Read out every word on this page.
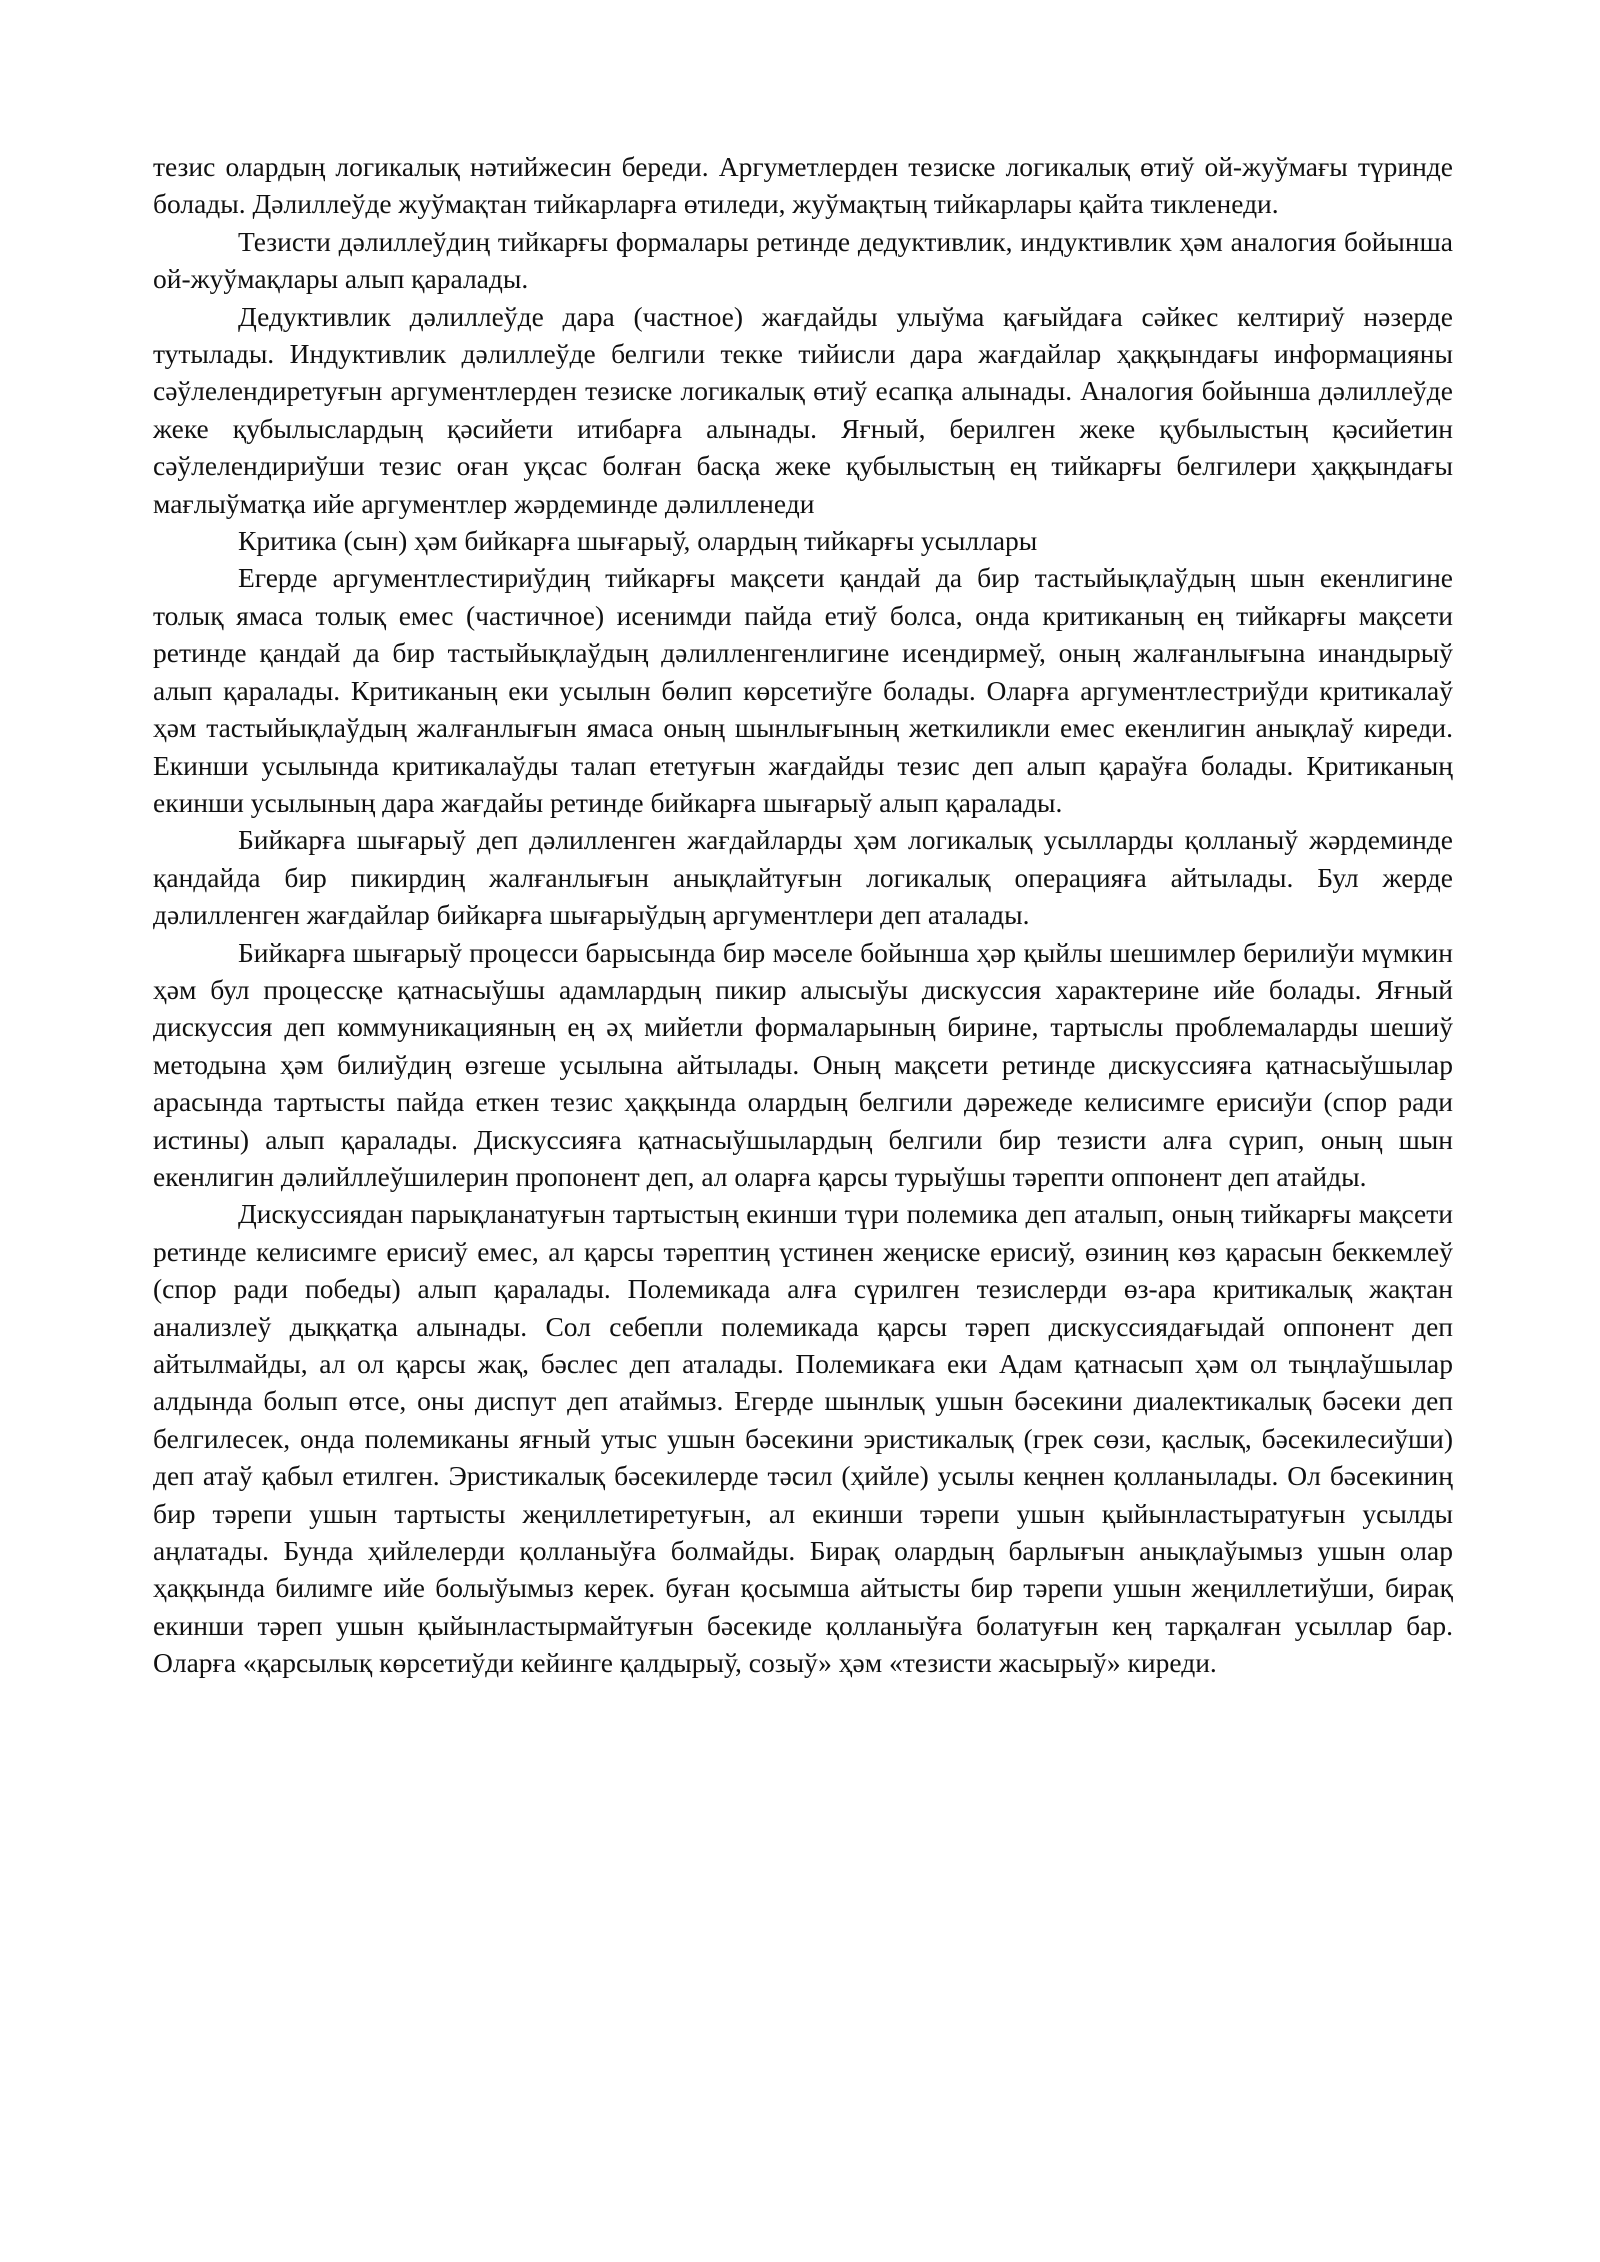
тезис олардың логикалық нәтийжесин береди. Аргуметлерден тезиске логикалық өтиў ой-жуўмағы түринде болады. Дәлиллеўде жуўмақтан тийкарларға өтиледи, жуўмақтың тийкарлары қайта тикленеди.

Тезисти дәлиллеўдиң тийкарғы формалары ретинде дедуктивлик, индуктивлик ҳәм аналогия бойынша ой-жуўмақлары алып қаралады.

Дедуктивлик дәлиллеўде дара (частное) жағдайды улыўма қағыйдаға сәйкес келтириў нәзерде тутылады. Индуктивлик дәлиллеўде белгили текке тийисли дара жағдайлар ҳаққындағы информацияны сәўлелендиретуғын аргументлерден тезиске логикалық өтиў есапқа алынады. Аналогия бойынша дәлиллеўде жеке қубылыслардың қәсийети итибарға алынады. Яғный, берилген жеке қубылыстың қәсийетин сәўлелендириўши тезис оған уқсас болған басқа жеке қубылыстың ең тийкарғы белгилери ҳаққындағы мағлыўматқа ийе аргументлер жәрдеминде дәлилленеди

Критика (сын) ҳәм бийкарға шығарыў, олардың тийкарғы усыллары

Егерде аргументлестириўдиң тийкарғы мақсети қандай да бир тастыйықлаўдың шын екенлигине толық ямаса толық емес (частичное) исенимди пайда етиў болса, онда критиканың ең тийкарғы мақсети ретинде қандай да бир тастыйықлаўдың дәлилленгенлигине исендирмеў, оның жалғанлығына инандырыў алып қаралады. Критиканың еки усылын бөлип көрсетиўге болады. Оларға аргументлестриўди критикалаў ҳәм тастыйықлаўдың жалғанлығын ямаса оның шынлығының жеткиликли емес екенлигин анықлаў киреди. Екинши усылында критикалаўды талап ететуғын жағдайды тезис деп алып қараўға болады. Критиканың екинши усылының дара жағдайы ретинде бийкарға шығарыў алып қаралады.

Бийкарға шығарыў деп дәлилленген жағдайларды ҳәм логикалық усылларды қолланыў жәрдеминде қандайда бир пикирдиң жалғанлығын анықлайтуғын логикалық операцияға айтылады. Бул жерде дәлилленген жағдайлар бийкарға шығарыўдың аргументлери деп аталады.

Бийкарға шығарыў процесси барысында бир мәселе бойынша ҳәр қыйлы шешимлер берилиўи мүмкин ҳәм бул процессқе қатнасыўшы адамлардың пикир алысыўы дискуссия характерине ийе болады. Яғный дискуссия деп коммуникацияның ең әҳ мийетли формаларының бирине, тартыслы проблемаларды шешиў методына ҳәм билиўдиң өзгеше усылына айтылады. Оның мақсети ретинде дискуссияға қатнасыўшылар арасында тартысты пайда еткен тезис ҳаққында олардың белгили дәрежеде келисимге ерисиўи (спор ради истины) алып қаралады. Дискуссияға қатнасыўшылардың белгили бир тезисти алға сүрип, оның шын екенлигин дәлийллеўшилерин пропонент деп, ал оларға қарсы турыўшы тәрепти оппонент деп атайды.

Дискуссиядан парықланатуғын тартыстың екинши түри полемика деп аталып, оның тийкарғы мақсети ретинде келисимге ерисиў емес, ал қарсы тәрептиң үстинен жеңиске ерисиў, өзиниң көз қарасын беккемлеў (спор ради победы) алып қаралады. Полемикада алға сүрилген тезислерди өз-ара критикалық жақтан анализлеў дыққатқа алынады. Сол себепли полемикада қарсы тәреп дискуссиядағыдай оппонент деп айтылмайды, ал ол қарсы жақ, бәслес деп аталады. Полемикаға еки Адам қатнасып ҳәм ол тыңлаўшылар алдында болып өтсе, оны диспут деп атаймыз. Егерде шынлық ушын бәсекини диалектикалық бәсеки деп белгилесек, онда полемиканы яғный утыс ушын бәсекини эристикалық (грек сөзи, қаслық, бәсекилесиўши) деп атаў қабыл етилген. Эристикалық бәсекилерде тәсил (ҳийле) усылы кеңнен қолланылады. Ол бәсекиниң бир тәрепи ушын тартысты жеңиллетиретуғын, ал екинши тәрепи ушын қыйынластыратуғын усылды аңлатады. Бунда ҳийлелерди қолланыўға болмайды. Бирақ олардың барлығын анықлаўымыз ушын олар ҳаққында билимге ийе болыўымыз керек. буған қосымша айтысты бир тәрепи ушын жеңиллетиўши, бирақ екинши тәреп ушын қыйынластырмайтуғын бәсекиде қолланыўға болатуғын кең тарқалған усыллар бар. Оларға «қарсылық көрсетиўди кейинге қалдырыў, созыў» ҳәм «тезисти жасырыў» киреди.
